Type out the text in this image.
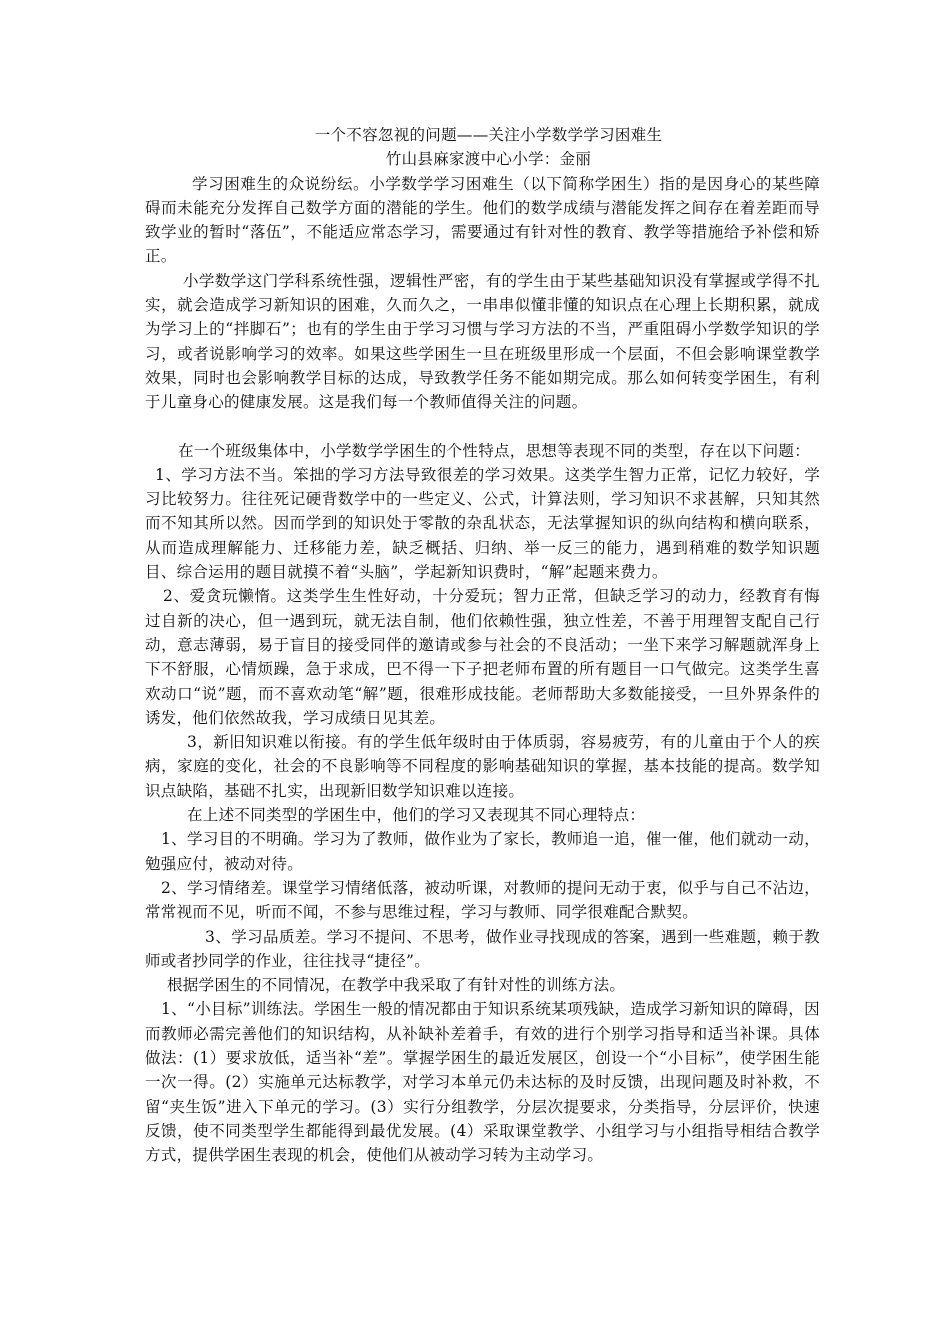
一个不容忽视的问题——关注小学数学学习困难生

竹山县麻家渡中心小学：金丽

学习困难生的众说纷纭。小学数学学习困难生（以下简称学困生）指的是因身心的某些障碍而未能充分发挥自己数学方面的潜能的学生。他们的数学成绩与潜能发挥之间存在着差距而导致学业的暂时“落伍”，不能适应常态学习，需要通过有针对性的教育、教学等措施给予补偿和矫正。

小学数学这门学科系统性强，逻辑性严密，有的学生由于某些基础知识没有掌握或学得不扎实，就会造成学习新知识的困难，久而久之，一串串似懂非懂的知识点在心理上长期积累，就成为学习上的“拌脚石”；也有的学生由于学习习惯与学习方法的不当，严重阻碍小学数学知识的学习，或者说影响学习的效率。如果这些学困生一旦在班级里形成一个层面，不但会影响课堂教学效果，同时也会影响教学目标的达成，导致教学任务不能如期完成。那么如何转变学困生，有利于儿童身心的健康发展。这是我们每一个教师值得关注的问题。

在一个班级集体中，小学数学学困生的个性特点，思想等表现不同的类型，存在以下问题：

1、学习方法不当。笨拙的学习方法导致很差的学习效果。这类学生智力正常，记忆力较好，学习比较努力。往往死记硬背数学中的一些定义、公式，计算法则，学习知识不求甚解，只知其然而不知其所以然。因而学到的知识处于零散的杂乱状态，无法掌握知识的纵向结构和横向联系，从而造成理解能力、迁移能力差，缺乏概括、归纳、举一反三的能力，遇到稍难的数学知识题目、综合运用的题目就摸不着“头脑”，学起新知识费时，“解”起题来费力。

2、爱贪玩懒惰。这类学生生性好动，十分爱玩；智力正常，但缺乏学习的动力，经教育有悔过自新的决心，但一遇到玩，就无法自制，他们依赖性强，独立性差，不善于用理智支配自己行动，意志薄弱，易于盲目的接受同伴的邀请或参与社会的不良活动；一坐下来学习解题就浑身上下不舒服，心情烦躁，急于求成，巴不得一下子把老师布置的所有题目一口气做完。这类学生喜欢动口“说”题，而不喜欢动笔“解”题，很难形成技能。老师帮助大多数能接受，一旦外界条件的诱发，他们依然故我，学习成绩日见其差。

3，新旧知识难以衔接。有的学生低年级时由于体质弱，容易疲劳，有的儿童由于个人的疾病，家庭的变化，社会的不良影响等不同程度的影响基础知识的掌握，基本技能的提高。数学知识点缺陷，基础不扎实，出现新旧数学知识难以连接。

在上述不同类型的学困生中，他们的学习又表现其不同心理特点：

1、学习目的不明确。学习为了教师，做作业为了家长，教师追一追，催一催，他们就动一动，勉强应付，被动对待。

2、学习情绪差。课堂学习情绪低落，被动听课，对教师的提问无动于衷，似乎与自己不沾边，常常视而不见，听而不闻，不参与思维过程，学习与教师、同学很难配合默契。

3、学习品质差。学习不提问、不思考，做作业寻找现成的答案，遇到一些难题，赖于教师或者抄同学的作业，往往找寻“捷径”。

根据学困生的不同情况，在教学中我采取了有针对性的训练方法。

1、“小目标”训练法。学困生一般的情况都由于知识系统某项残缺，造成学习新知识的障碍，因而教师必需完善他们的知识结构，从补缺补差着手，有效的进行个别学习指导和适当补课。具体做法：(1）要求放低，适当补“差”。掌握学困生的最近发展区，创设一个“小目标”，使学困生能一次一得。(2）实施单元达标教学，对学习本单元仍未达标的及时反馈，出现问题及时补救，不留“夹生饭”进入下单元的学习。(3）实行分组教学，分层次提要求，分类指导，分层评价，快速反馈，使不同类型学生都能得到最优发展。(4）采取课堂教学、小组学习与小组指导相结合教学方式，提供学困生表现的机会，使他们从被动学习转为主动学习。
